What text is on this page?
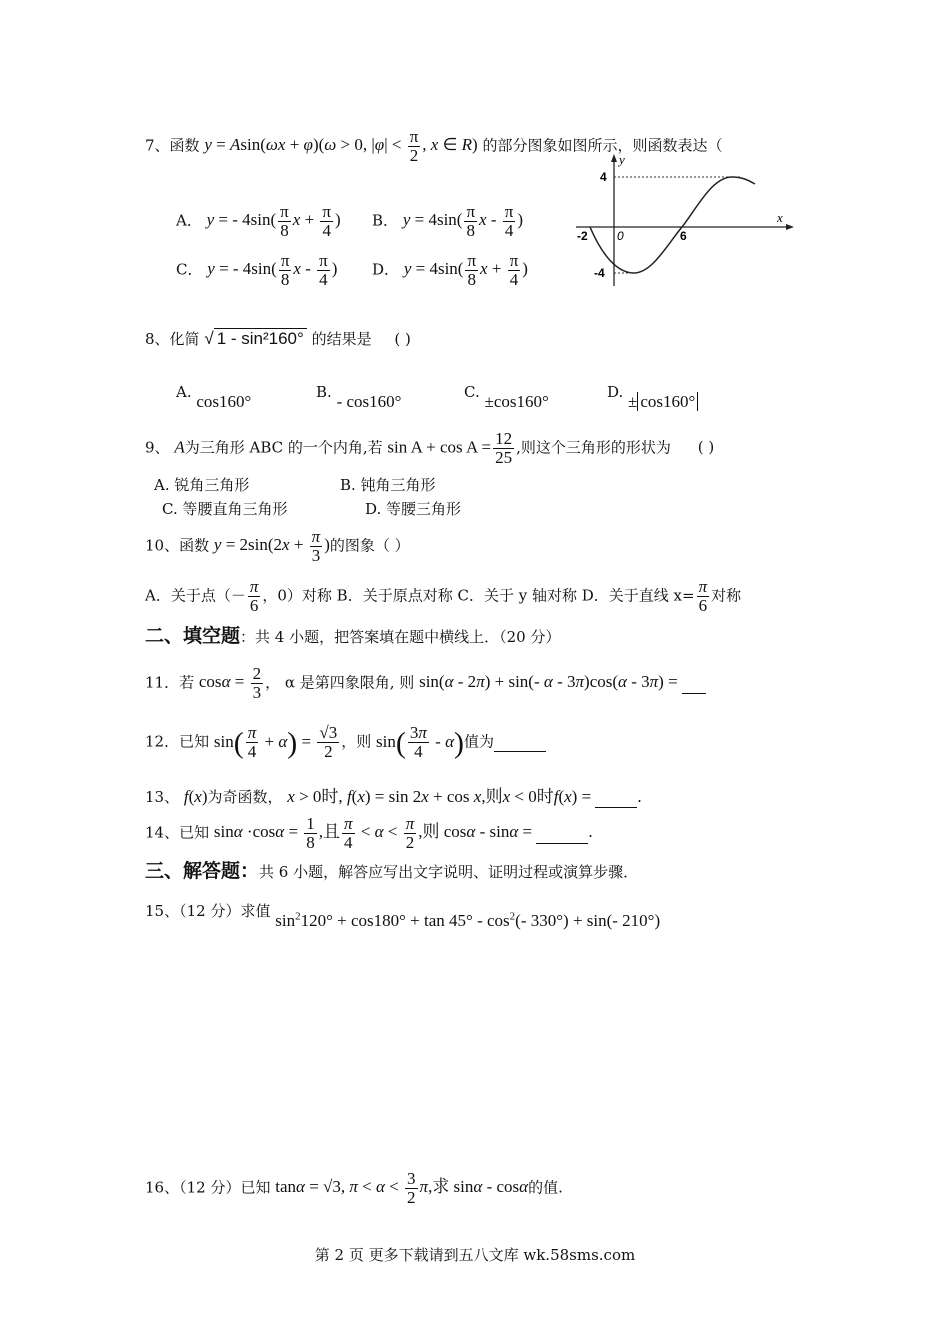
7、函数 y = Asin(ωx + φ)(ω > 0, $|\varphi| < \frac{\pi}{2}$ , x ∈ R) 的部分图象如图所示，则函数表达（
A． y = - $4\sin( \frac{\pi}{8}$ $x + \frac{\pi}{4}$ ) B． $y = 4\sin( \frac{\pi}{8}$ x - $\frac{\pi}{4}$ )
C． y = - $4\sin( \frac{\pi}{8}$ x - $\frac{\pi}{4}$ ) D． $y = 4\sin( \frac{\pi}{8}$ $x + \frac{\pi}{4}$ )
x
y
4
-4
-2 0	6
8、化简 √ 1 - sin²160° 的结果是 ( )
A. cos160°	B. - cos160°	C. ±cos160°	D. ± cos160°
9、 A为三角形 ABC 的一个内角,若 $\sin A + \cos A = \frac{12}{25}$ ,则这个三角形的形状为 ( )
A. 锐角三角形	B. 钝角三角形
C. 等腰直角三角形	D. 等腰三角形
10、函数 $y = 2\sin(2x + \frac{\pi}{3}$ )的图象（ ）
A．关于点（－ $\frac{\pi}{6}$ ，0）对称 B．关于原点对称 C．关于 y 轴对称 D．关于直线 $x= \frac{\pi}{6}$ 对称
二、填空题：共 4 小题，把答案填在题中横线上．（20 分）
11．若 $\cos\alpha = \frac{2}{3}$ ， α 是第四象限角, 则 sin(α - 2π) + sin(- α - 3π)cos(α - 3π) =
12．已知 $\sin( \frac{\pi}{4} + \alpha) = \frac{√3}{2}$ ，则 $\sin( \frac{3\pi}{4} - \alpha)$值为
13、 f(x)为奇函数， x > 0时, f(x) = sin 2x + cos x,则x < 0时f(x) =  .
14、已知 $\sin\alpha \cdot\cos\alpha = \frac{1}{8}$ ,且 $\frac{\pi}{4} < \alpha < \frac{\pi}{2}$ ,则 cosα - sinα =	.
三、解答题：共 6 小题，解答应写出文字说明、证明过程或演算步骤．
15、（12 分）求值 $\sin^2120^\circ + \cos 180^\circ + \tan 45^\circ - \cos^2(-$ 330°) + sin(- 210°)
16、（12 分）已知 tanα = √3, $\pi < \alpha < \frac{3}{2} \pi$,求 sinα - cosα的值.
第 2 页 更多下载请到五八文库 wk.58sms.com
